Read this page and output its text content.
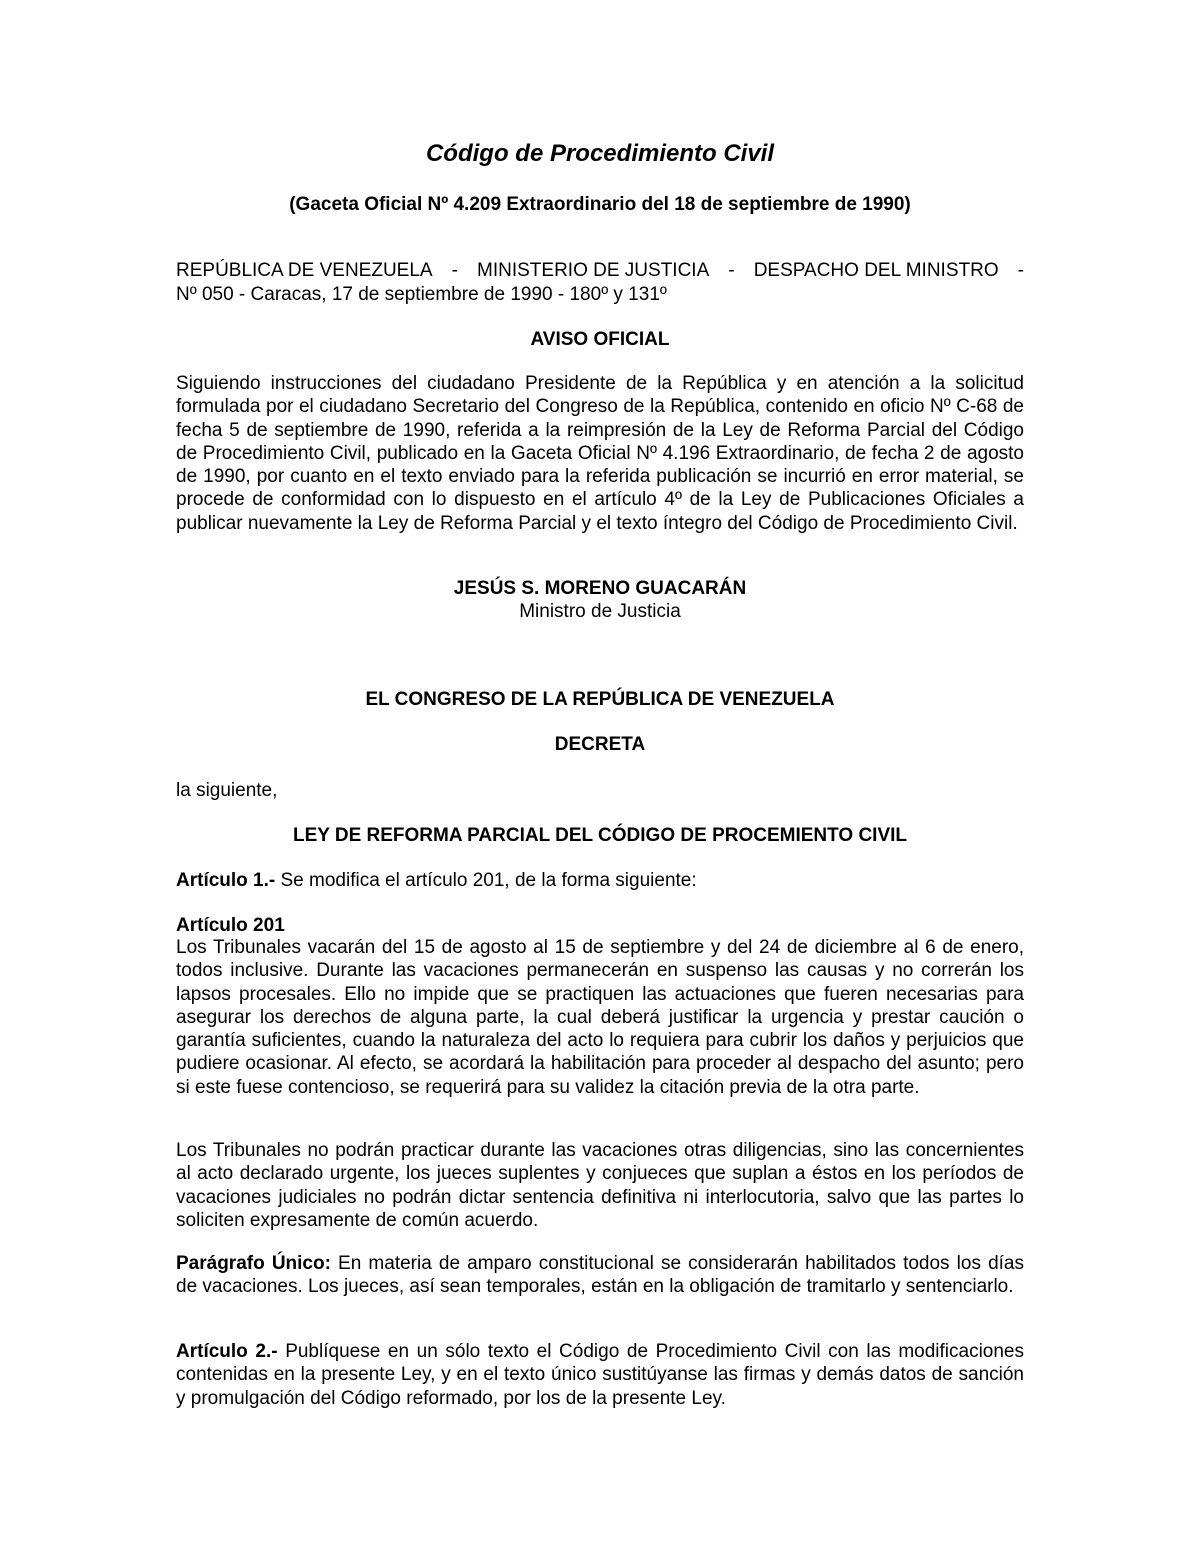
Código de Procedimiento Civil
(Gaceta Oficial Nº 4.209 Extraordinario del 18 de septiembre de 1990)
REPÚBLICA DE VENEZUELA - MINISTERIO DE JUSTICIA - DESPACHO DEL MINISTRO -
Nº 050 - Caracas, 17 de septiembre de 1990 - 180º y 131º
AVISO OFICIAL
Siguiendo instrucciones del ciudadano Presidente de la República y en atención a la solicitud formulada por el ciudadano Secretario del Congreso de la República, contenido en oficio Nº C-68 de fecha 5 de septiembre de 1990, referida a la reimpresión de la Ley de Reforma Parcial del Código de Procedimiento Civil, publicado en la Gaceta Oficial Nº 4.196 Extraordinario, de fecha 2 de agosto de 1990, por cuanto en el texto enviado para la referida publicación se incurrió en error material, se procede de conformidad con lo dispuesto en el artículo 4º de la Ley de Publicaciones Oficiales a publicar nuevamente la Ley de Reforma Parcial y el texto íntegro del Código de Procedimiento Civil.
JESÚS S. MORENO GUACARÁN
Ministro de Justicia
EL CONGRESO DE LA REPÚBLICA DE VENEZUELA
DECRETA
la siguiente,
LEY DE REFORMA PARCIAL DEL CÓDIGO DE PROCEMIENTO CIVIL
Artículo 1.- Se modifica el artículo 201, de la forma siguiente:
Artículo 201
Los Tribunales vacarán del 15 de agosto al 15 de septiembre y del 24 de diciembre al 6 de enero, todos inclusive. Durante las vacaciones permanecerán en suspenso las causas y no correrán los lapsos procesales. Ello no impide que se practiquen las actuaciones que fueren necesarias para asegurar los derechos de alguna parte, la cual deberá justificar la urgencia y prestar caución o garantía suficientes, cuando la naturaleza del acto lo requiera para cubrir los daños y perjuicios que pudiere ocasionar. Al efecto, se acordará la habilitación para proceder al despacho del asunto; pero si este fuese contencioso, se requerirá para su validez la citación previa de la otra parte.
Los Tribunales no podrán practicar durante las vacaciones otras diligencias, sino las concernientes al acto declarado urgente, los jueces suplentes y conjueces que suplan a éstos en los períodos de vacaciones judiciales no podrán dictar sentencia definitiva ni interlocutoria, salvo que las partes lo soliciten expresamente de común acuerdo.
Parágrafo Único: En materia de amparo constitucional se considerarán habilitados todos los días de vacaciones. Los jueces, así sean temporales, están en la obligación de tramitarlo y sentenciarlo.
Artículo 2.- Publíquese en un sólo texto el Código de Procedimiento Civil con las modificaciones contenidas en la presente Ley, y en el texto único sustitúyanse las firmas y demás datos de sanción y promulgación del Código reformado, por los de la presente Ley.
